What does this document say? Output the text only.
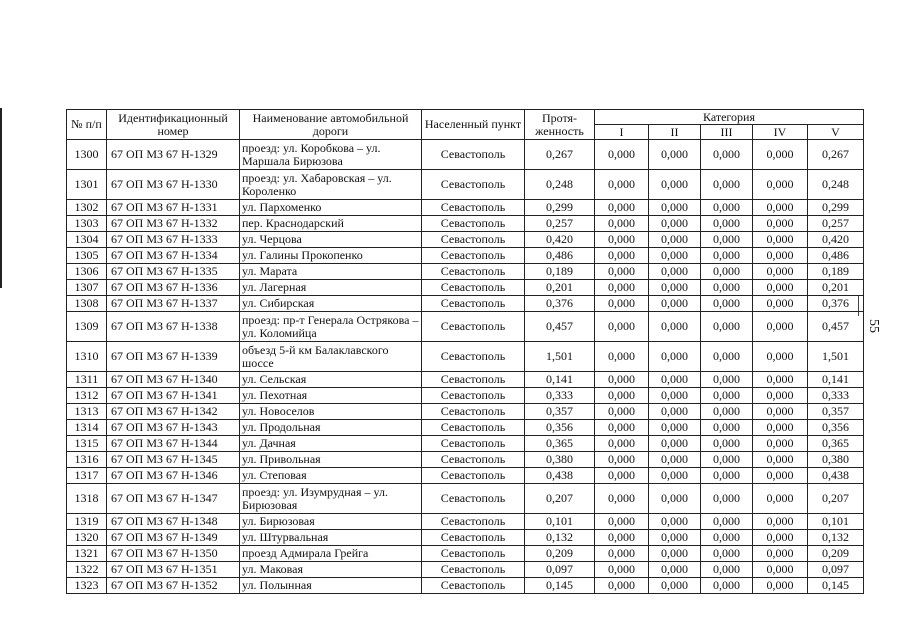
55
№ п/п	Идентификационный номер	Наименование автомобильной дороги	Населенный пункт	Протя-женность	Категория				
					I	II	III	IV	V
1300	67 ОП МЗ 67 Н-1329	проезд: ул. Коробкова – ул. Маршала Бирюзова	Севастополь	0,267	0,000	0,000	0,000	0,000	0,267
1301	67 ОП МЗ 67 Н-1330	проезд: ул. Хабаровская – ул. Короленко	Севастополь	0,248	0,000	0,000	0,000	0,000	0,248
1302	67 ОП МЗ 67 Н-1331	ул. Пархоменко	Севастополь	0,299	0,000	0,000	0,000	0,000	0,299
1303	67 ОП МЗ 67 Н-1332	пер. Краснодарский	Севастополь	0,257	0,000	0,000	0,000	0,000	0,257
1304	67 ОП МЗ 67 Н-1333	ул. Черцова	Севастополь	0,420	0,000	0,000	0,000	0,000	0,420
1305	67 ОП МЗ 67 Н-1334	ул. Галины Прокопенко	Севастополь	0,486	0,000	0,000	0,000	0,000	0,486
1306	67 ОП МЗ 67 Н-1335	ул. Марата	Севастополь	0,189	0,000	0,000	0,000	0,000	0,189
1307	67 ОП МЗ 67 Н-1336	ул. Лагерная	Севастополь	0,201	0,000	0,000	0,000	0,000	0,201
1308	67 ОП МЗ 67 Н-1337	ул. Сибирская	Севастополь	0,376	0,000	0,000	0,000	0,000	0,376
1309	67 ОП МЗ 67 Н-1338	проезд: пр-т Генерала Острякова – ул. Коломийца	Севастополь	0,457	0,000	0,000	0,000	0,000	0,457
1310	67 ОП МЗ 67 Н-1339	объезд 5-й км Балаклавского шоссе	Севастополь	1,501	0,000	0,000	0,000	0,000	1,501
1311	67 ОП МЗ 67 Н-1340	ул. Сельская	Севастополь	0,141	0,000	0,000	0,000	0,000	0,141
1312	67 ОП МЗ 67 Н-1341	ул. Пехотная	Севастополь	0,333	0,000	0,000	0,000	0,000	0,333
1313	67 ОП МЗ 67 Н-1342	ул. Новоселов	Севастополь	0,357	0,000	0,000	0,000	0,000	0,357
1314	67 ОП МЗ 67 Н-1343	ул. Продольная	Севастополь	0,356	0,000	0,000	0,000	0,000	0,356
1315	67 ОП МЗ 67 Н-1344	ул. Дачная	Севастополь	0,365	0,000	0,000	0,000	0,000	0,365
1316	67 ОП МЗ 67 Н-1345	ул. Привольная	Севастополь	0,380	0,000	0,000	0,000	0,000	0,380
1317	67 ОП МЗ 67 Н-1346	ул. Степовая	Севастополь	0,438	0,000	0,000	0,000	0,000	0,438
1318	67 ОП МЗ 67 Н-1347	проезд: ул. Изумрудная – ул. Бирюзовая	Севастополь	0,207	0,000	0,000	0,000	0,000	0,207
1319	67 ОП МЗ 67 Н-1348	ул. Бирюзовая	Севастополь	0,101	0,000	0,000	0,000	0,000	0,101
1320	67 ОП МЗ 67 Н-1349	ул. Штурвальная	Севастополь	0,132	0,000	0,000	0,000	0,000	0,132
1321	67 ОП МЗ 67 Н-1350	проезд Адмирала Грейга	Севастополь	0,209	0,000	0,000	0,000	0,000	0,209
1322	67 ОП МЗ 67 Н-1351	ул. Маковая	Севастополь	0,097	0,000	0,000	0,000	0,000	0,097
1323	67 ОП МЗ 67 Н-1352	ул. Полынная	Севастополь	0,145	0,000	0,000	0,000	0,000	0,145
